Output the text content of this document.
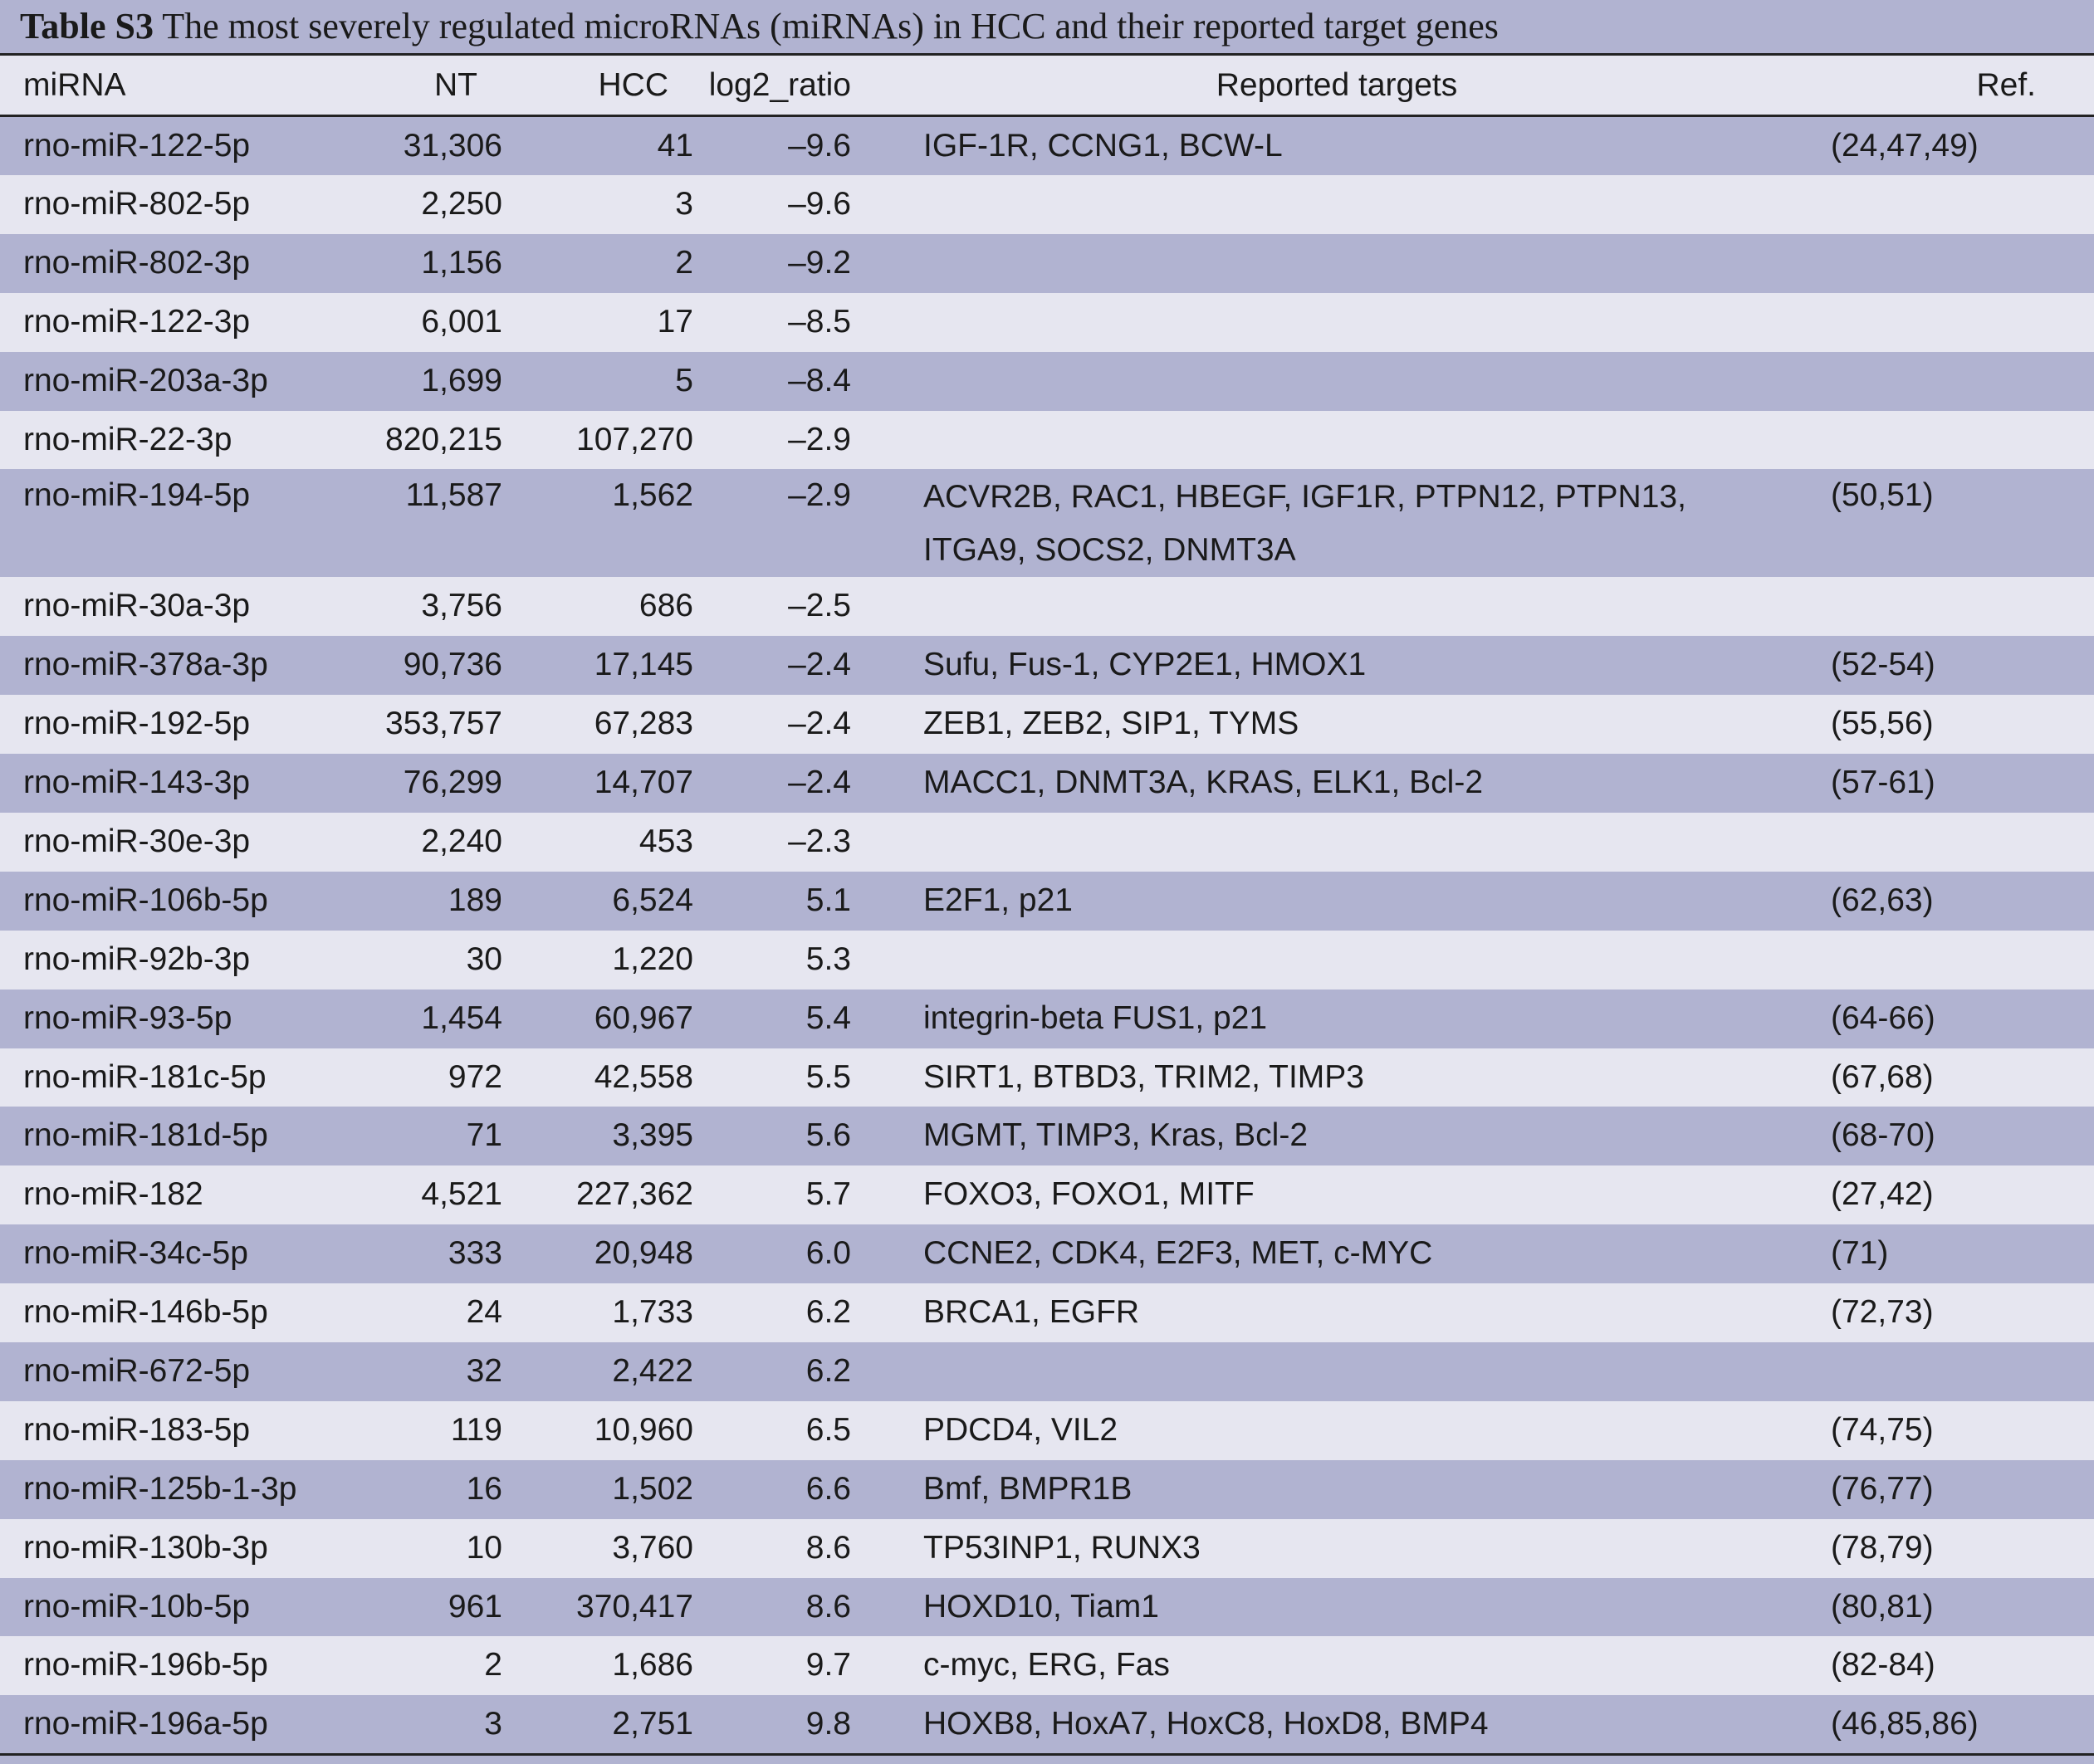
Table S3 The most severely regulated microRNAs (miRNAs) in HCC and their reported target genes
miRNA	NT	HCC	log2_ratio	Reported targets	Ref.
rno-miR-122-5p	31,306	41	–9.6	IGF-1R, CCNG1, BCW-L	(24,47,49)
rno-miR-802-5p	2,250	3	–9.6		
rno-miR-802-3p	1,156	2	–9.2		
rno-miR-122-3p	6,001	17	–8.5		
rno-miR-203a-3p	1,699	5	–8.4		
rno-miR-22-3p	820,215	107,270	–2.9		
rno-miR-194-5p	11,587	1,562	–2.9	ACVR2B, RAC1, HBEGF, IGF1R, PTPN12, PTPN13, ITGA9, SOCS2, DNMT3A	(50,51)
rno-miR-30a-3p	3,756	686	–2.5		
rno-miR-378a-3p	90,736	17,145	–2.4	Sufu, Fus-1, CYP2E1, HMOX1	(52-54)
rno-miR-192-5p	353,757	67,283	–2.4	ZEB1, ZEB2, SIP1, TYMS	(55,56)
rno-miR-143-3p	76,299	14,707	–2.4	MACC1, DNMT3A, KRAS, ELK1, Bcl-2	(57-61)
rno-miR-30e-3p	2,240	453	–2.3		
rno-miR-106b-5p	189	6,524	5.1	E2F1, p21	(62,63)
rno-miR-92b-3p	30	1,220	5.3		
rno-miR-93-5p	1,454	60,967	5.4	integrin-beta FUS1, p21	(64-66)
rno-miR-181c-5p	972	42,558	5.5	SIRT1, BTBD3, TRIM2, TIMP3	(67,68)
rno-miR-181d-5p	71	3,395	5.6	MGMT, TIMP3, Kras, Bcl-2	(68-70)
rno-miR-182	4,521	227,362	5.7	FOXO3, FOXO1, MITF	(27,42)
rno-miR-34c-5p	333	20,948	6.0	CCNE2, CDK4, E2F3, MET, c-MYC	(71)
rno-miR-146b-5p	24	1,733	6.2	BRCA1, EGFR	(72,73)
rno-miR-672-5p	32	2,422	6.2		
rno-miR-183-5p	119	10,960	6.5	PDCD4, VIL2	(74,75)
rno-miR-125b-1-3p	16	1,502	6.6	Bmf, BMPR1B	(76,77)
rno-miR-130b-3p	10	3,760	8.6	TP53INP1, RUNX3	(78,79)
rno-miR-10b-5p	961	370,417	8.6	HOXD10, Tiam1	(80,81)
rno-miR-196b-5p	2	1,686	9.7	c-myc, ERG, Fas	(82-84)
rno-miR-196a-5p	3	2,751	9.8	HOXB8, HoxA7, HoxC8, HoxD8, BMP4	(46,85,86)
